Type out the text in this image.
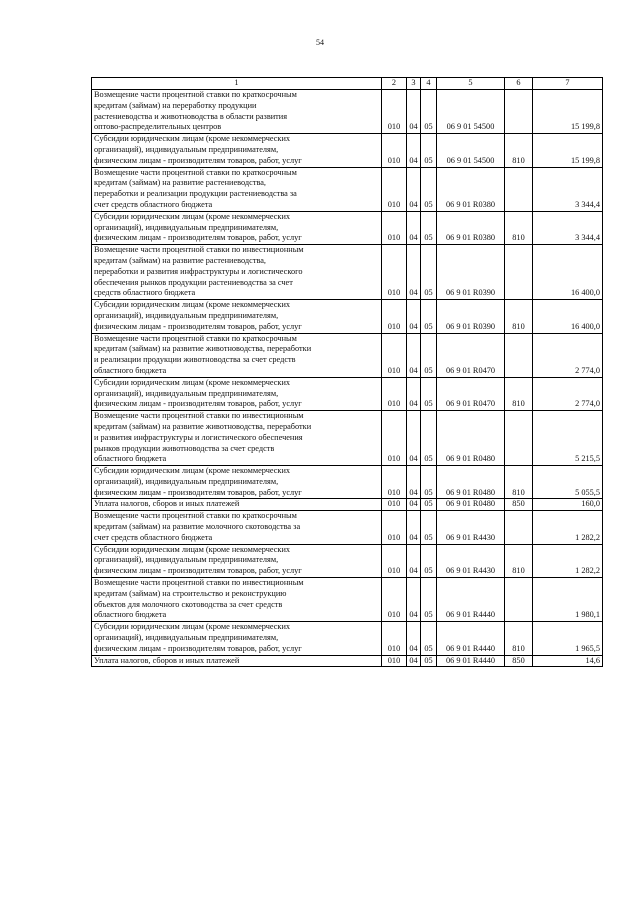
54
1	2	3	4	5	6	7

Возмещение части процентной ставки по краткосрочным
кредитам (займам) на переработку продукции
растениеводства и животноводства в области развития
оптово-распределительных центров	010	04	05	06 9 01 54500		15 199,8

Субсидии юридическим лицам (кроме некоммерческих
организаций), индивидуальным предпринимателям,
физическим лицам - производителям товаров, работ, услуг	010	04	05	06 9 01 54500	810	15 199,8

Возмещение части процентной ставки по краткосрочным
кредитам (займам) на развитие растениеводства,
переработки и реализации продукции растениеводства за
счет средств областного бюджета	010	04	05	06 9 01 R0380		3 344,4

Субсидии юридическим лицам (кроме некоммерческих
организаций), индивидуальным предпринимателям,
физическим лицам - производителям товаров, работ, услуг	010	04	05	06 9 01 R0380	810	3 344,4

Возмещение части процентной ставки по инвестиционным
кредитам (займам) на развитие растениеводства,
переработки и развития инфраструктуры и логистического
обеспечения рынков продукции растениеводства за счет
средств областного бюджета	010	04	05	06 9 01 R0390		16 400,0

Субсидии юридическим лицам (кроме некоммерческих
организаций), индивидуальным предпринимателям,
физическим лицам - производителям товаров, работ, услуг	010	04	05	06 9 01 R0390	810	16 400,0

Возмещение части процентной ставки по краткосрочным
кредитам (займам) на развитие животноводства, переработки
и реализации продукции животноводства за счет средств
областного бюджета	010	04	05	06 9 01 R0470		2 774,0

Субсидии юридическим лицам (кроме некоммерческих
организаций), индивидуальным предпринимателям,
физическим лицам - производителям товаров, работ, услуг	010	04	05	06 9 01 R0470	810	2 774,0

Возмещение части процентной ставки по инвестиционным
кредитам (займам) на развитие животноводства, переработки
и развития инфраструктуры и логистического обеспечения
рынков продукции животноводства за счет средств
областного бюджета	010	04	05	06 9 01 R0480		5 215,5

Субсидии юридическим лицам (кроме некоммерческих
организаций), индивидуальным предпринимателям,
физическим лицам - производителям товаров, работ, услуг	010	04	05	06 9 01 R0480	810	5 055,5

Уплата налогов, сборов и иных платежей	010	04	05	06 9 01 R0480	850	160,0

Возмещение части процентной ставки по краткосрочным
кредитам (займам) на развитие молочного скотоводства за
счет средств областного бюджета	010	04	05	06 9 01 R4430		1 282,2

Субсидии юридическим лицам (кроме некоммерческих
организаций), индивидуальным предпринимателям,
физическим лицам - производителям товаров, работ, услуг	010	04	05	06 9 01 R4430	810	1 282,2

Возмещение части процентной ставки по инвестиционным
кредитам (займам) на строительство и реконструкцию
объектов для молочного скотоводства за счет средств
областного бюджета	010	04	05	06 9 01 R4440		1 980,1

Субсидии юридическим лицам (кроме некоммерческих
организаций), индивидуальным предпринимателям,
физическим лицам - производителям товаров, работ, услуг	010	04	05	06 9 01 R4440	810	1 965,5

Уплата налогов, сборов и иных платежей	010	04	05	06 9 01 R4440	850	14,6
